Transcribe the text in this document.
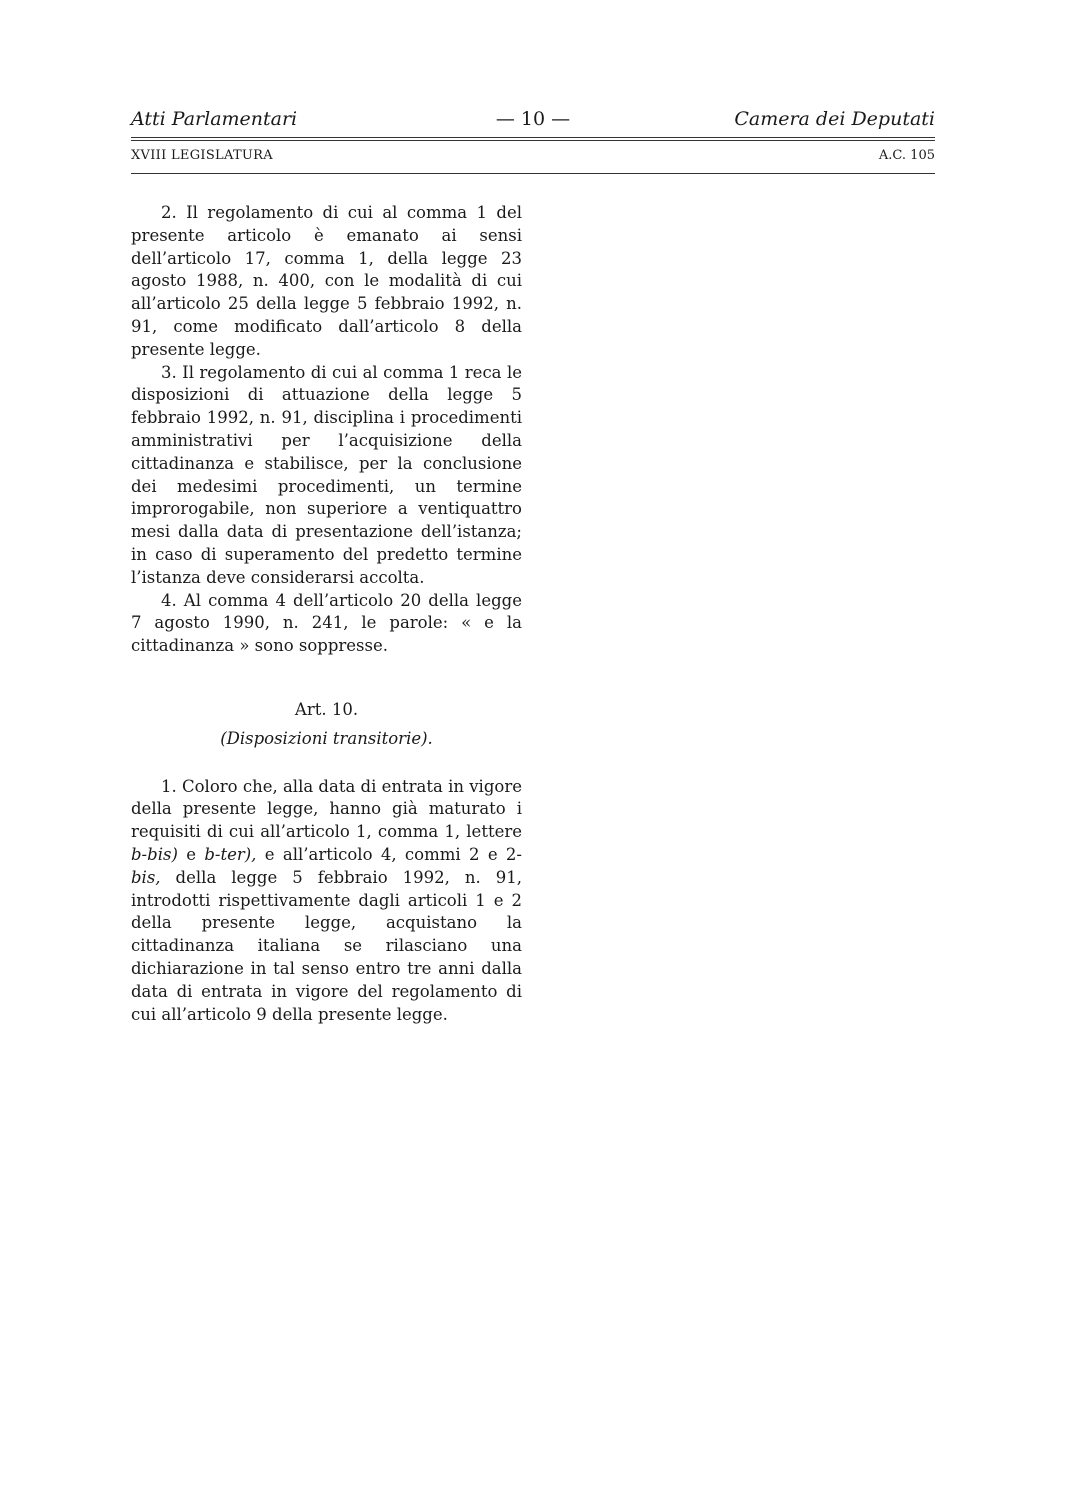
Atti Parlamentari	— 10 —	Camera dei Deputati
XVIII LEGISLATURA	A.C. 105

2. Il regolamento di cui al comma 1 del presente articolo è emanato ai sensi dell’articolo 17, comma 1, della legge 23 agosto 1988, n. 400, con le modalità di cui all’articolo 25 della legge 5 febbraio 1992, n. 91, come modificato dall’articolo 8 della presente legge.

3. Il regolamento di cui al comma 1 reca le disposizioni di attuazione della legge 5 febbraio 1992, n. 91, disciplina i procedimenti amministrativi per l’acquisizione della cittadinanza e stabilisce, per la conclusione dei medesimi procedimenti, un termine improrogabile, non superiore a ventiquattro mesi dalla data di presentazione dell’istanza; in caso di superamento del predetto termine l’istanza deve considerarsi accolta.

4. Al comma 4 dell’articolo 20 della legge 7 agosto 1990, n. 241, le parole: « e la cittadinanza » sono soppresse.

Art. 10.

(Disposizioni transitorie).

1. Coloro che, alla data di entrata in vigore della presente legge, hanno già maturato i requisiti di cui all’articolo 1, comma 1, lettere b-bis) e b-ter), e all’articolo 4, commi 2 e 2-bis, della legge 5 febbraio 1992, n. 91, introdotti rispettivamente dagli articoli 1 e 2 della presente legge, acquistano la cittadinanza italiana se rilasciano una dichiarazione in tal senso entro tre anni dalla data di entrata in vigore del regolamento di cui all’articolo 9 della presente legge.
